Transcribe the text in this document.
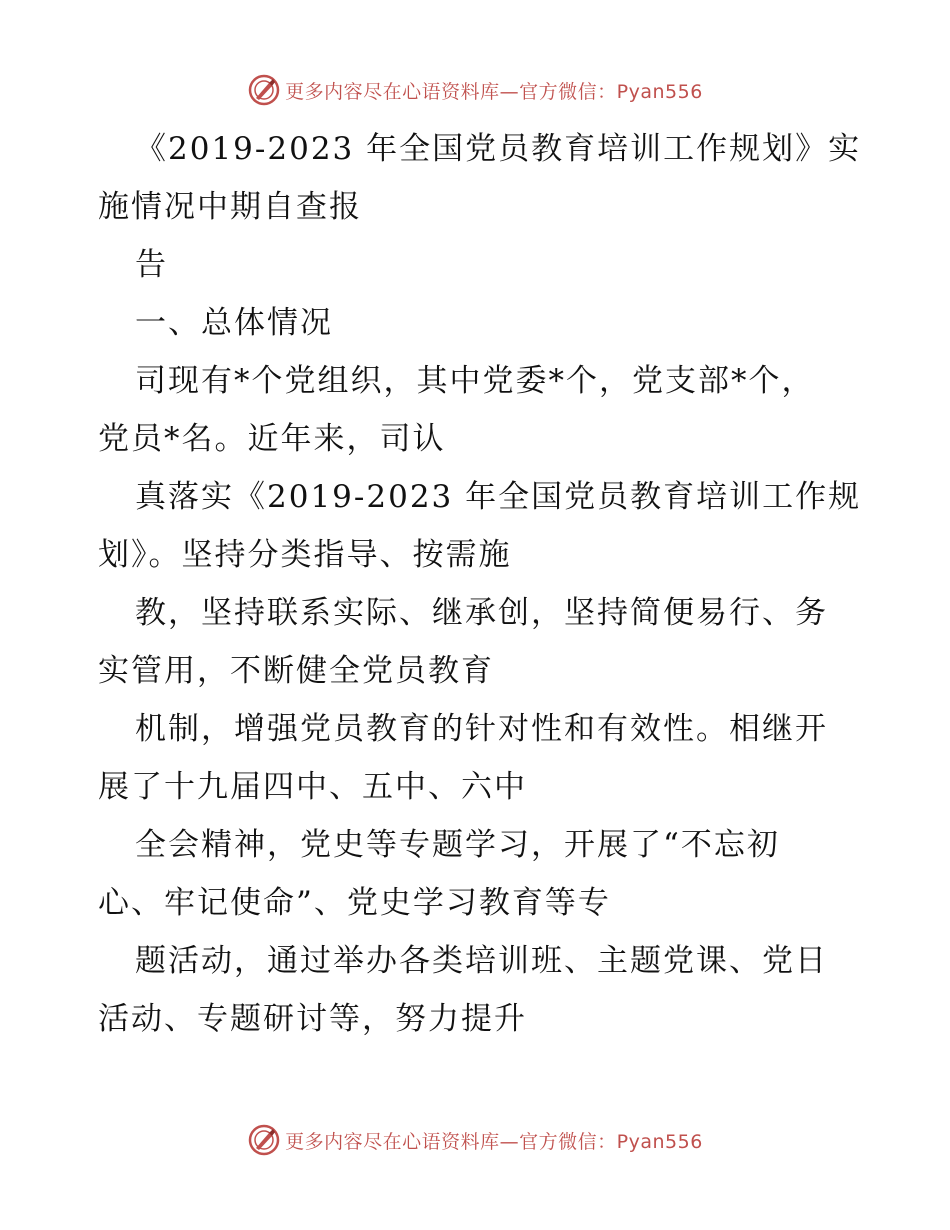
更多内容尽在心语资料库—官方微信：Pyan556
《2019-2023 年全国党员教育培训工作规划》实
施情况中期自查报
告
一、总体情况
司现有*个党组织，其中党委*个，党支部*个，
党员*名。近年来，司认
真落实《2019-2023 年全国党员教育培训工作规
划》。坚持分类指导、按需施
教，坚持联系实际、继承创，坚持简便易行、务
实管用，不断健全党员教育
机制，增强党员教育的针对性和有效性。相继开
展了十九届四中、五中、六中
全会精神，党史等专题学习，开展了“不忘初
心、牢记使命”、党史学习教育等专
题活动，通过举办各类培训班、主题党课、党日
活动、专题研讨等，努力提升
更多内容尽在心语资料库—官方微信：Pyan556
